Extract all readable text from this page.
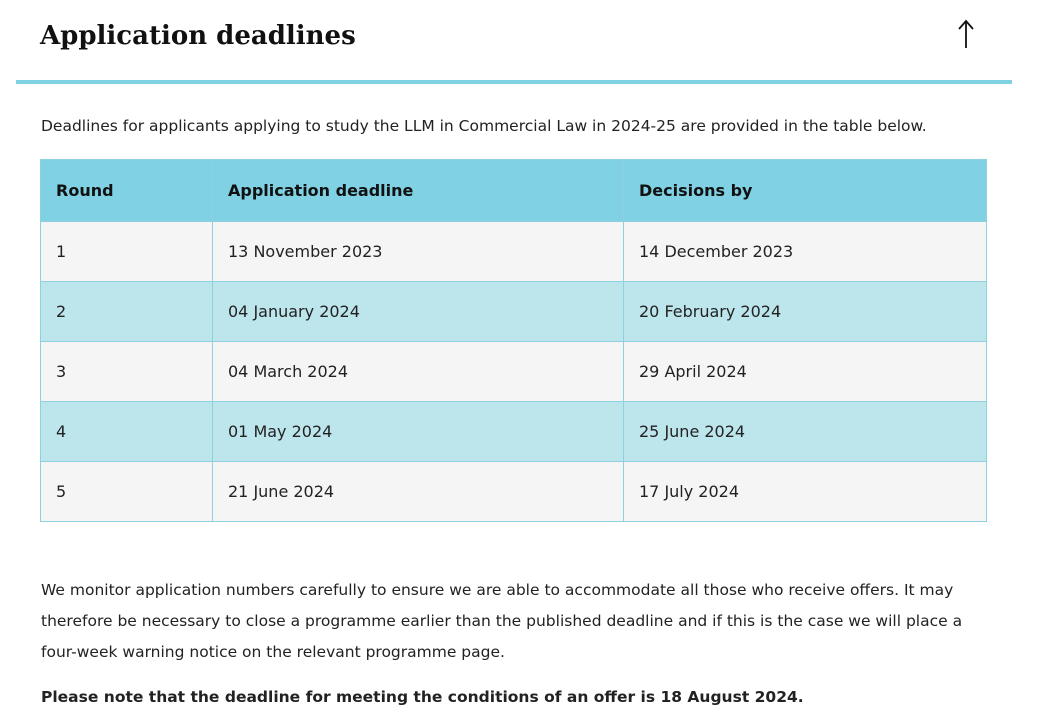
Application deadlines

Deadlines for applicants applying to study the LLM in Commercial Law in 2024-25 are provided in the table below.

Round	Application deadline	Decisions by
1	13 November 2023	14 December 2023
2	04 January 2024	20 February 2024
3	04 March 2024	29 April 2024
4	01 May 2024	25 June 2024
5	21 June 2024	17 July 2024

We monitor application numbers carefully to ensure we are able to accommodate all those who receive offers. It may therefore be necessary to close a programme earlier than the published deadline and if this is the case we will place a four-week warning notice on the relevant programme page.

Please note that the deadline for meeting the conditions of an offer is 18 August 2024.
